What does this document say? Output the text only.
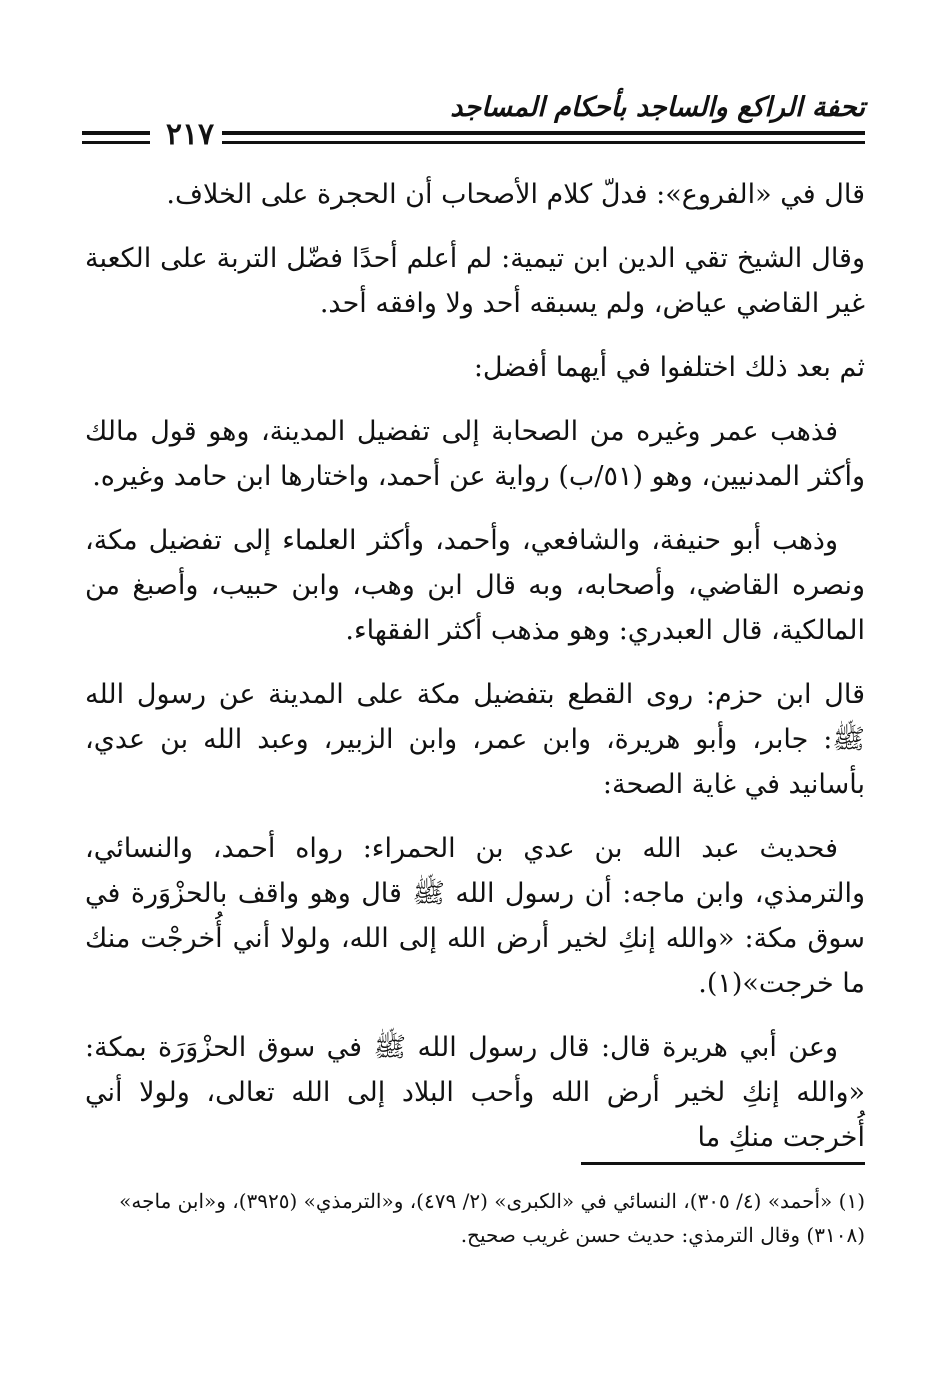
تحفة الراكع والساجد بأحكام المساجد
٢١٧

قال في «الفروع»: فدلّ كلام الأصحاب أن الحجرة على الخلاف.

وقال الشيخ تقي الدين ابن تيمية: لم أعلم أحدًا فضّل التربة على الكعبة غير القاضي عياض، ولم يسبقه أحد ولا وافقه أحد.

ثم بعد ذلك اختلفوا في أيهما أفضل:

فذهب عمر وغيره من الصحابة إلى تفضيل المدينة، وهو قول مالك وأكثر المدنيين، وهو (٥١/ب) رواية عن أحمد، واختارها ابن حامد وغيره.

وذهب أبو حنيفة، والشافعي، وأحمد، وأكثر العلماء إلى تفضيل مكة، ونصره القاضي، وأصحابه، وبه قال ابن وهب، وابن حبيب، وأصبغ من المالكية، قال العبدري: وهو مذهب أكثر الفقهاء.

قال ابن حزم: روى القطع بتفضيل مكة على المدينة عن رسول الله ﷺ: جابر، وأبو هريرة، وابن عمر، وابن الزبير، وعبد الله بن عدي، بأسانيد في غاية الصحة:

فحديث عبد الله بن عدي بن الحمراء: رواه أحمد، والنسائي، والترمذي، وابن ماجه: أن رسول الله ﷺ قال وهو واقف بالحزْوَرة في سوق مكة: «والله إنكِ لخير أرض الله إلى الله، ولولا أني أُخرجْت منك ما خرجت»(١).

وعن أبي هريرة قال: قال رسول الله ﷺ في سوق الحزْوَرَة بمكة: «والله إنكِ لخير أرض الله وأحب البلاد إلى الله تعالى، ولولا أني أُخرجت منكِ ما

(١) «أحمد» (٤/ ٣٠٥)، النسائي في «الكبرى» (٢/ ٤٧٩)، و«الترمذي» (٣٩٢٥)، و«ابن ماجه»

(٣١٠٨) وقال الترمذي: حديث حسن غريب صحيح.
